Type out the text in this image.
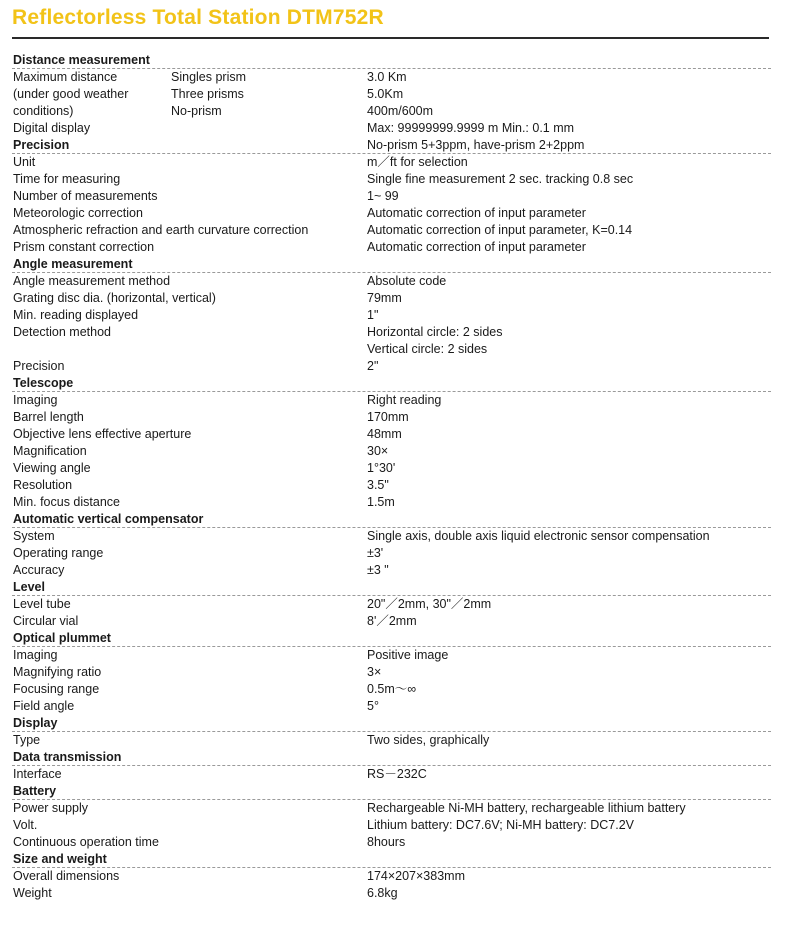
Reflectorless Total Station DTM752R
Distance measurement
Maximum distance	Singles prism	3.0 Km
(under good weather	Three prisms	5.0Km
conditions)	No-prism	400m/600m
Digital display	Max: 99999999.9999 m Min.: 0.1 mm
Precision	No-prism 5+3ppm, have-prism 2+2ppm
Unit	m／ft for selection
Time for measuring	Single fine measurement 2 sec. tracking 0.8 sec
Number of measurements	1~ 99
Meteorologic correction	Automatic correction of input parameter
Atmospheric refraction and earth curvature correction	Automatic correction of input parameter, K=0.14
Prism constant correction	Automatic correction of input parameter
Angle measurement
Angle measurement method	Absolute code
Grating disc dia. (horizontal, vertical)	79mm
Min. reading displayed	1"
Detection method	Horizontal circle: 2 sides
Vertical circle: 2 sides
Precision	2"
Telescope
Imaging	Right reading
Barrel length	170mm
Objective lens effective aperture	48mm
Magnification	30×
Viewing angle	1°30'
Resolution	3.5"
Min. focus distance	1.5m
Automatic vertical compensator
System	Single axis, double axis liquid electronic sensor compensation
Operating range	±3'
Accuracy	±3 "
Level
Level tube	20"／2mm, 30"／2mm
Circular vial	8'／2mm
Optical plummet
Imaging	Positive image
Magnifying ratio	3×
Focusing range	0.5m～∞
Field angle	5°
Display
Type	Two sides, graphically
Data transmission
Interface	RS－232C
Battery
Power supply	Rechargeable Ni-MH battery, rechargeable lithium battery
Volt.	Lithium battery: DC7.6V; Ni-MH battery: DC7.2V
Continuous operation time	8hours
Size and weight
Overall dimensions	174×207×383mm
Weight	6.8kg
